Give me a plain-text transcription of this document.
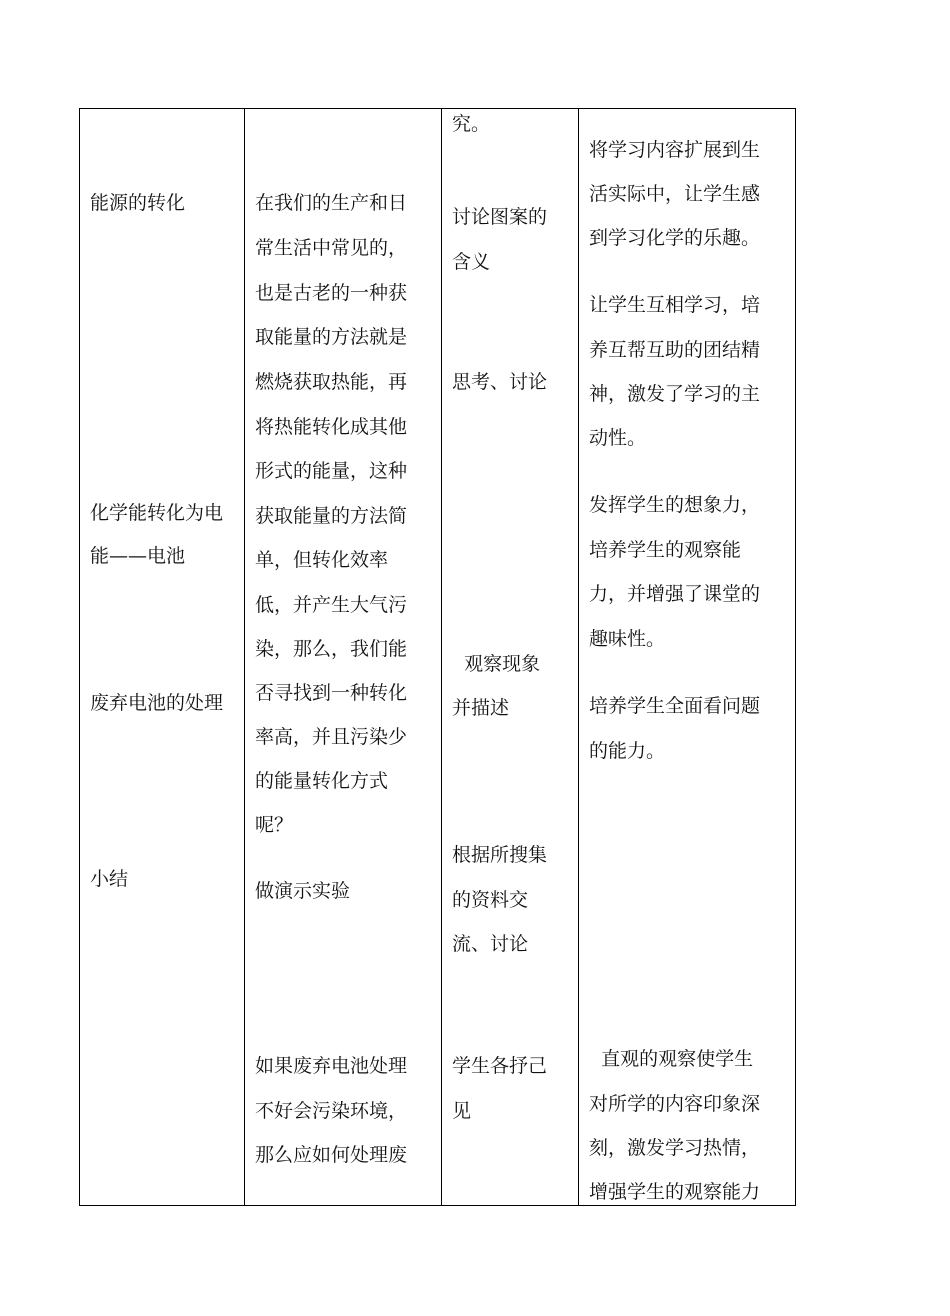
能源的转化
化学能转化为电
能——电池
废弃电池的处理
小结
在我们的生产和日
常生活中常见的，
也是古老的一种获
取能量的方法就是
燃烧获取热能，再
将热能转化成其他
形式的能量，这种
获取能量的方法简
单，但转化效率
低，并产生大气污
染，那么，我们能
否寻找到一种转化
率高，并且污染少
的能量转化方式
呢？
做演示实验
如果废弃电池处理
不好会污染环境，
那么应如何处理废
究。
讨论图案的
含义
思考、讨论
观察现象
并描述
根据所搜集
的资料交
流、讨论
学生各抒己
见
将学习内容扩展到生
活实际中，让学生感
到学习化学的乐趣。
让学生互相学习，培
养互帮互助的团结精
神，激发了学习的主
动性。
发挥学生的想象力，
培养学生的观察能
力，并增强了课堂的
趣味性。
培养学生全面看问题
的能力。
直观的观察使学生
对所学的内容印象深
刻，激发学习热情，
增强学生的观察能力
